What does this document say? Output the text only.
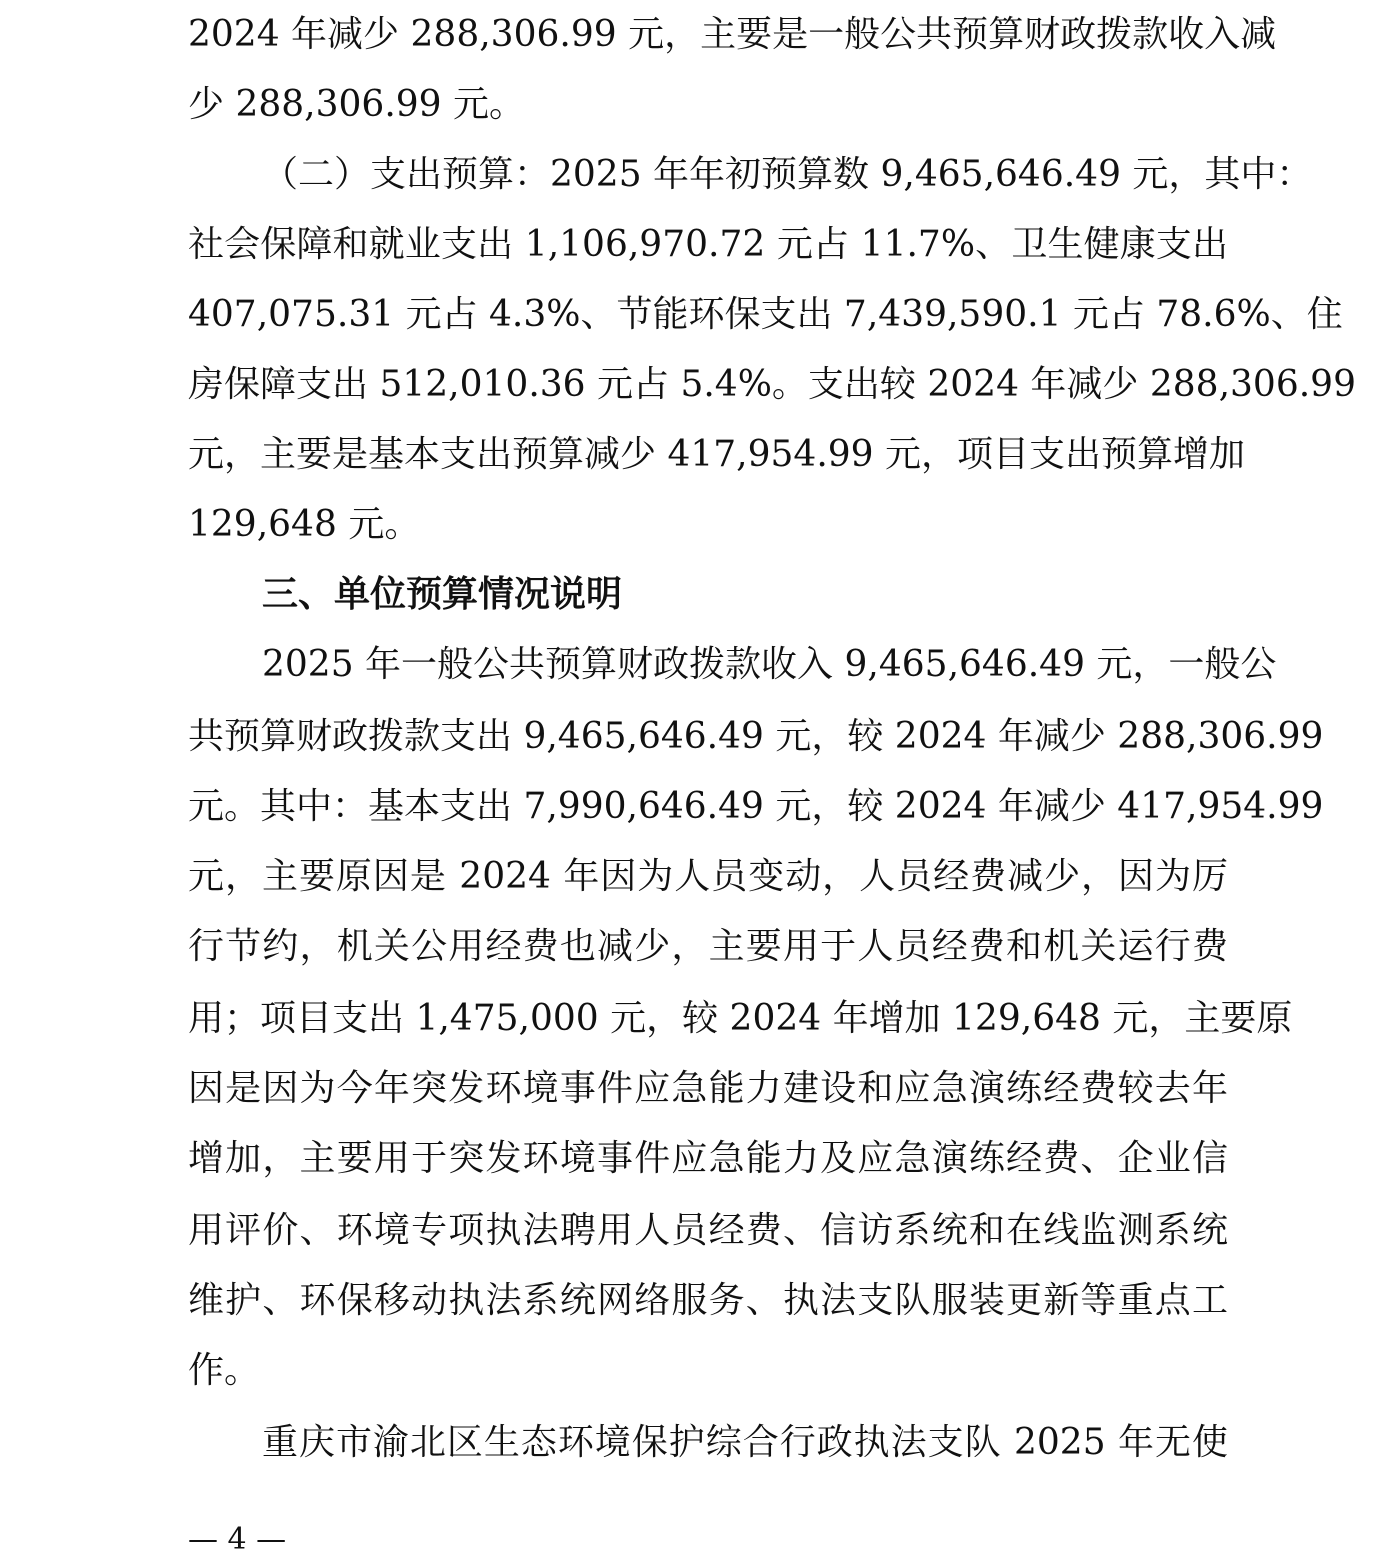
2024 年减少 288,306.99 元，主要是一般公共预算财政拨款收入减
少 288,306.99 元。
（二）支出预算：2025 年年初预算数 9,465,646.49 元，其中：
社会保障和就业支出 1,106,970.72 元占 11.7%、卫生健康支出
407,075.31 元占 4.3%、节能环保支出 7,439,590.1 元占 78.6%、住
房保障支出 512,010.36 元占 5.4%。支出较 2024 年减少 288,306.99
元，主要是基本支出预算减少 417,954.99 元，项目支出预算增加
129,648 元。
三、单位预算情况说明
2025 年一般公共预算财政拨款收入 9,465,646.49 元，一般公
共预算财政拨款支出 9,465,646.49 元，较 2024 年减少 288,306.99
元。其中：基本支出 7,990,646.49 元，较 2024 年减少 417,954.99
元，主要原因是 2024 年因为人员变动，人员经费减少，因为厉
行节约，机关公用经费也减少，主要用于人员经费和机关运行费
用；项目支出 1,475,000 元，较 2024 年增加 129,648 元，主要原
因是因为今年突发环境事件应急能力建设和应急演练经费较去年
增加，主要用于突发环境事件应急能力及应急演练经费、企业信
用评价、环境专项执法聘用人员经费、信访系统和在线监测系统
维护、环保移动执法系统网络服务、执法支队服装更新等重点工
作。
重庆市渝北区生态环境保护综合行政执法支队 2025 年无使
— 4 —
